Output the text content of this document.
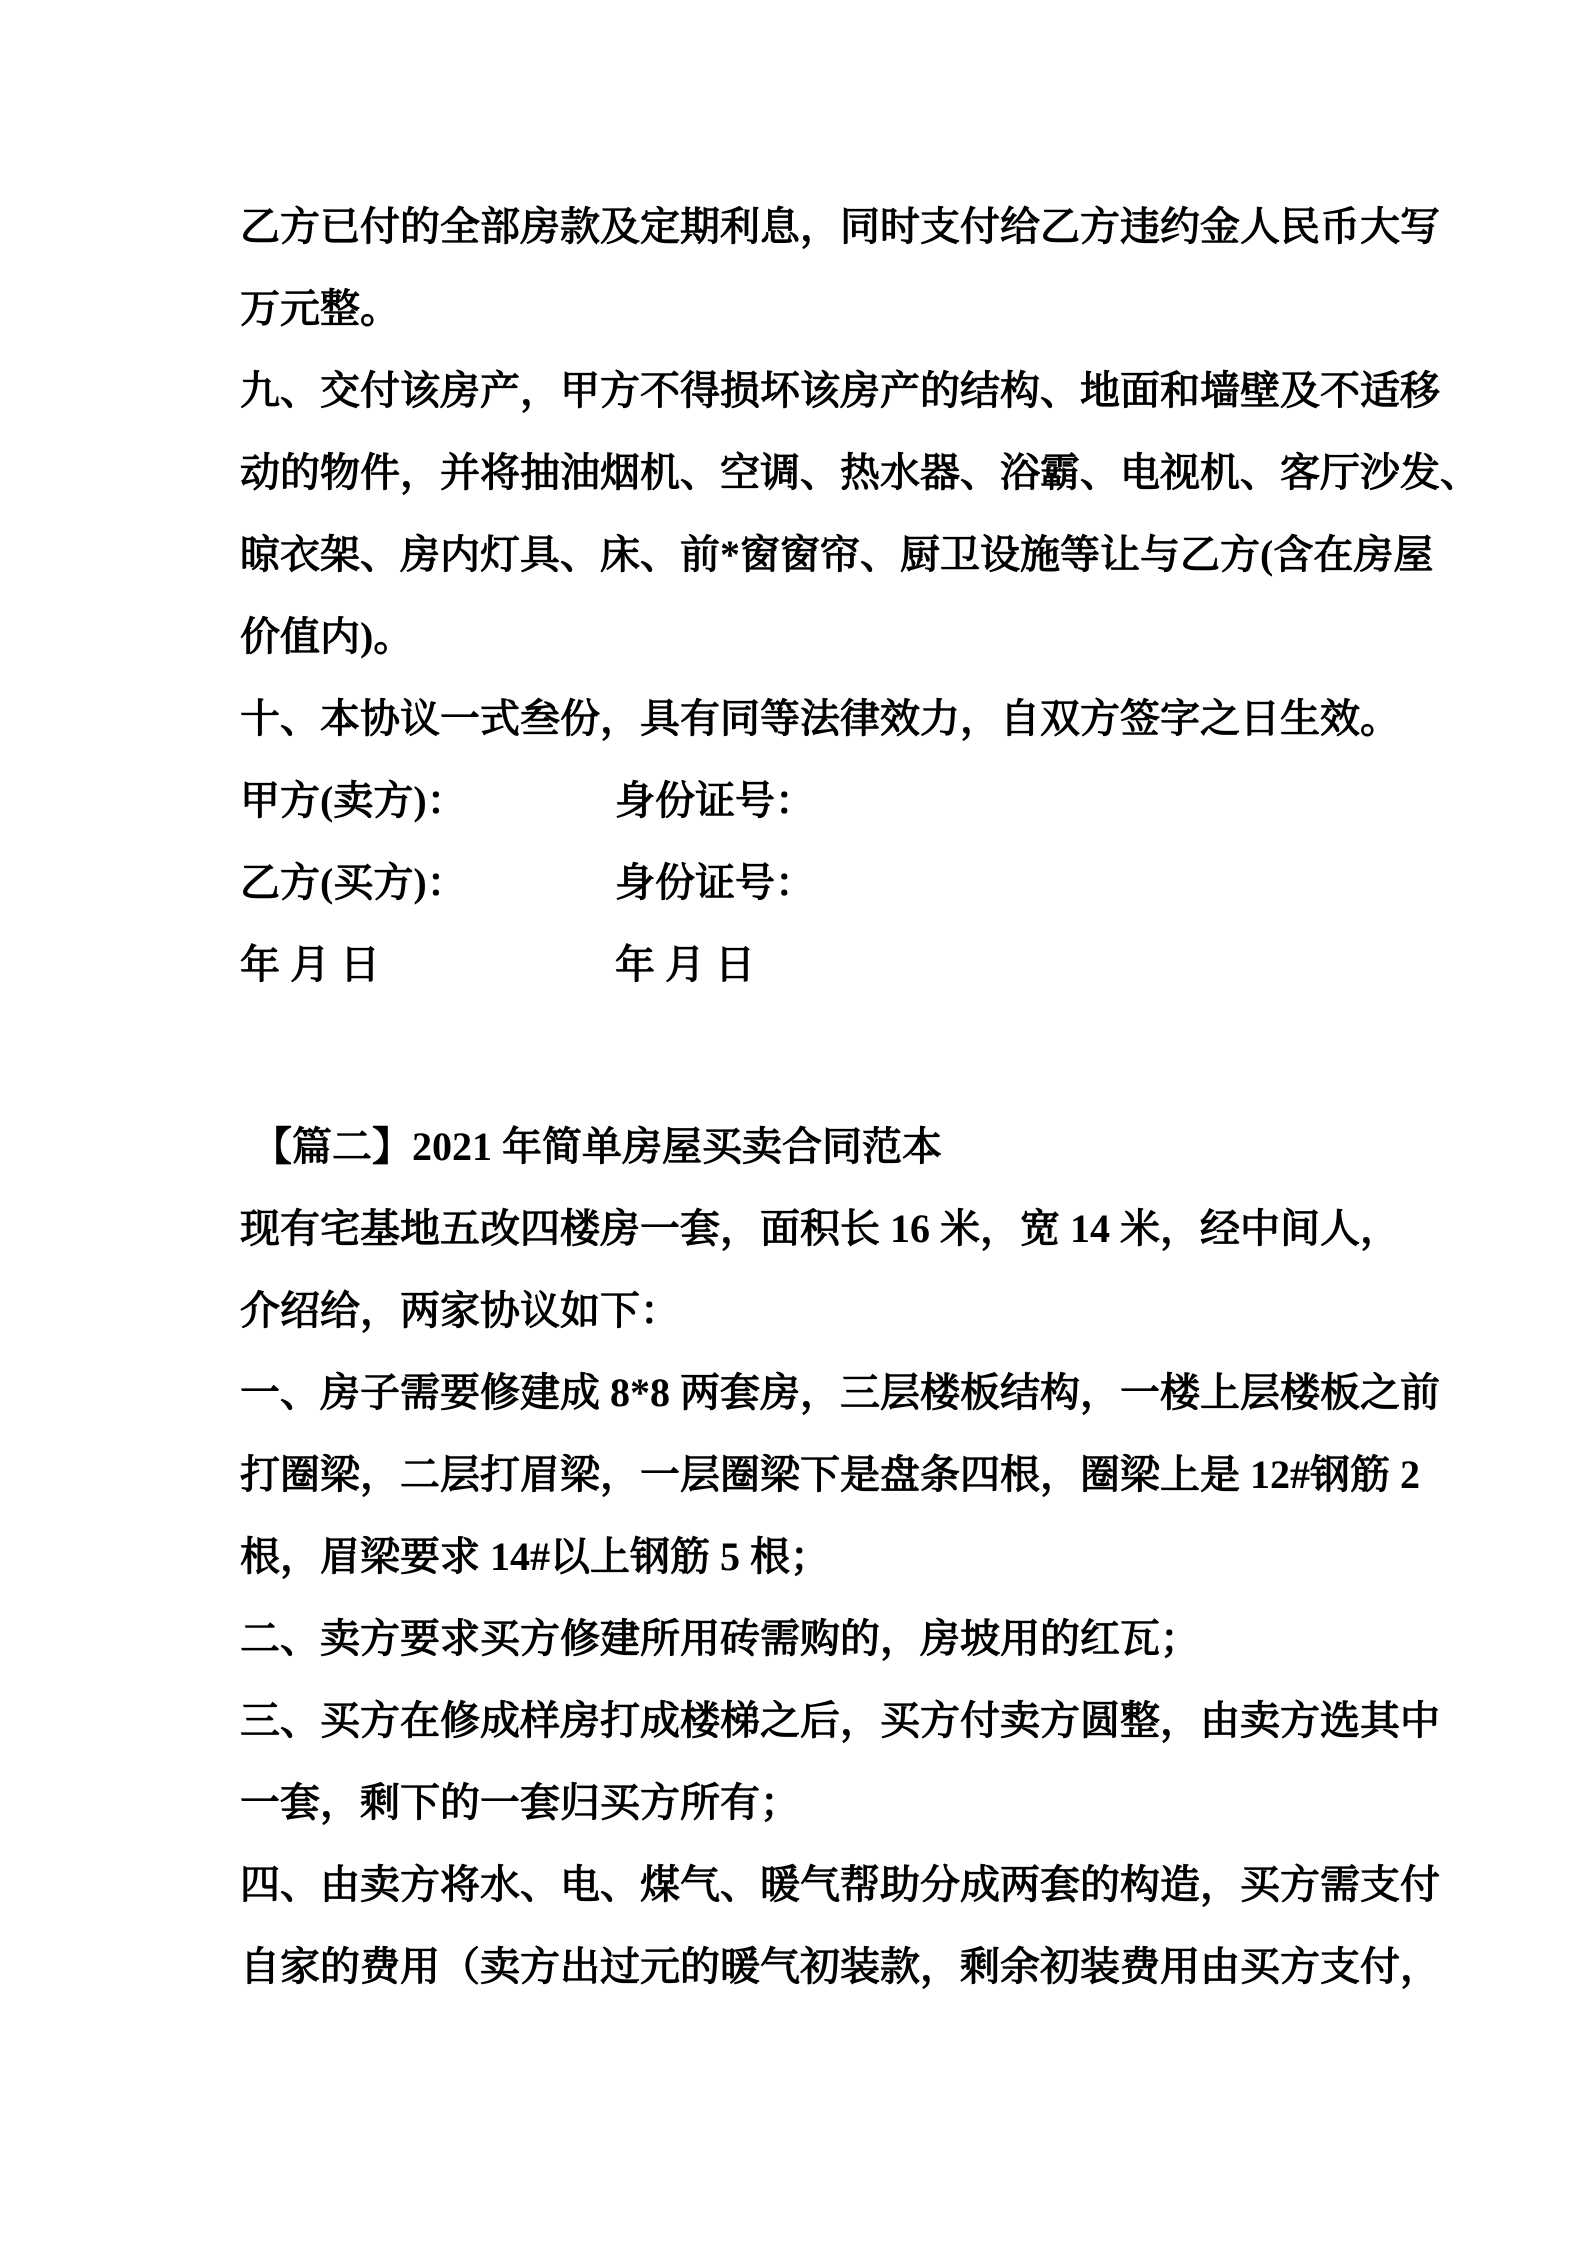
乙方已付的全部房款及定期利息，同时支付给乙方违约金人民币大写
万元整。
九、交付该房产，甲方不得损坏该房产的结构、地面和墙壁及不适移
动的物件，并将抽油烟机、空调、热水器、浴霸、电视机、客厅沙发、
晾衣架、房内灯具、床、前*窗窗帘、厨卫设施等让与乙方(含在房屋
价值内)。
十、本协议一式叁份，具有同等法律效力，自双方签字之日生效。
甲方(卖方)：	身份证号：
乙方(买方)：	身份证号：
年 月 日	年 月 日
【篇二】2021 年简单房屋买卖合同范本
现有宅基地五改四楼房一套，面积长 16 米，宽 14 米，经中间人，
介绍给，两家协议如下：
一、房子需要修建成 8*8 两套房，三层楼板结构，一楼上层楼板之前
打圈梁，二层打眉梁，一层圈梁下是盘条四根，圈梁上是 12#钢筋 2
根，眉梁要求 14#以上钢筋 5 根；
二、卖方要求买方修建所用砖需购的，房坡用的红瓦；
三、买方在修成样房打成楼梯之后，买方付卖方圆整，由卖方选其中
一套，剩下的一套归买方所有；
四、由卖方将水、电、煤气、暖气帮助分成两套的构造，买方需支付
自家的费用（卖方出过元的暖气初装款，剩余初装费用由买方支付，
